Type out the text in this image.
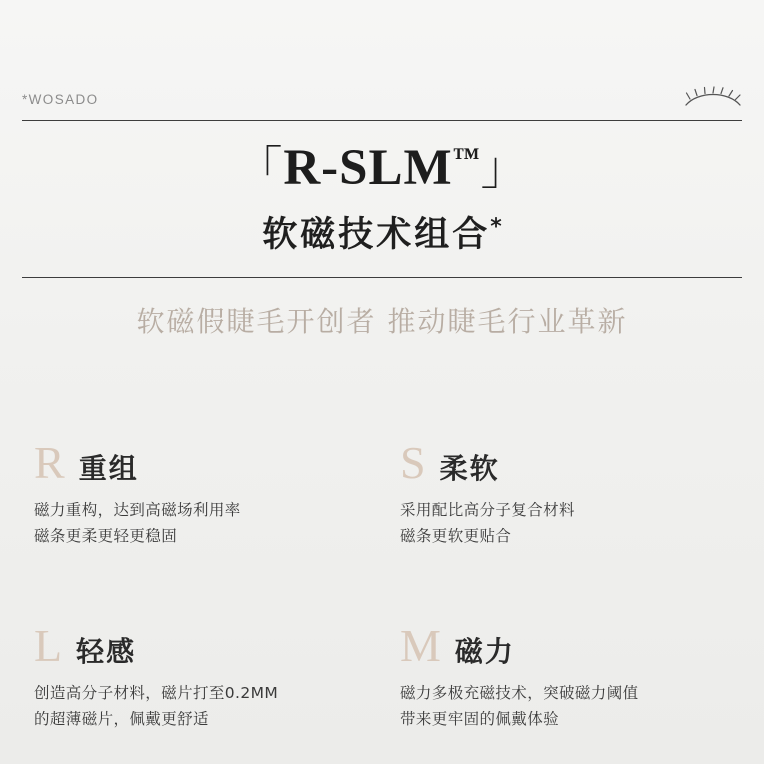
*WOSADO
「R-SLM™」
软磁技术组合*
软磁假睫毛开创者 推动睫毛行业革新
R 重组
磁力重构，达到高磁场利用率
磁条更柔更轻更稳固
S 柔软
采用配比高分子复合材料
磁条更软更贴合
L 轻感
创造高分子材料，磁片打至0.2MM
的超薄磁片，佩戴更舒适
M 磁力
磁力多极充磁技术，突破磁力阈值
带来更牢固的佩戴体验
